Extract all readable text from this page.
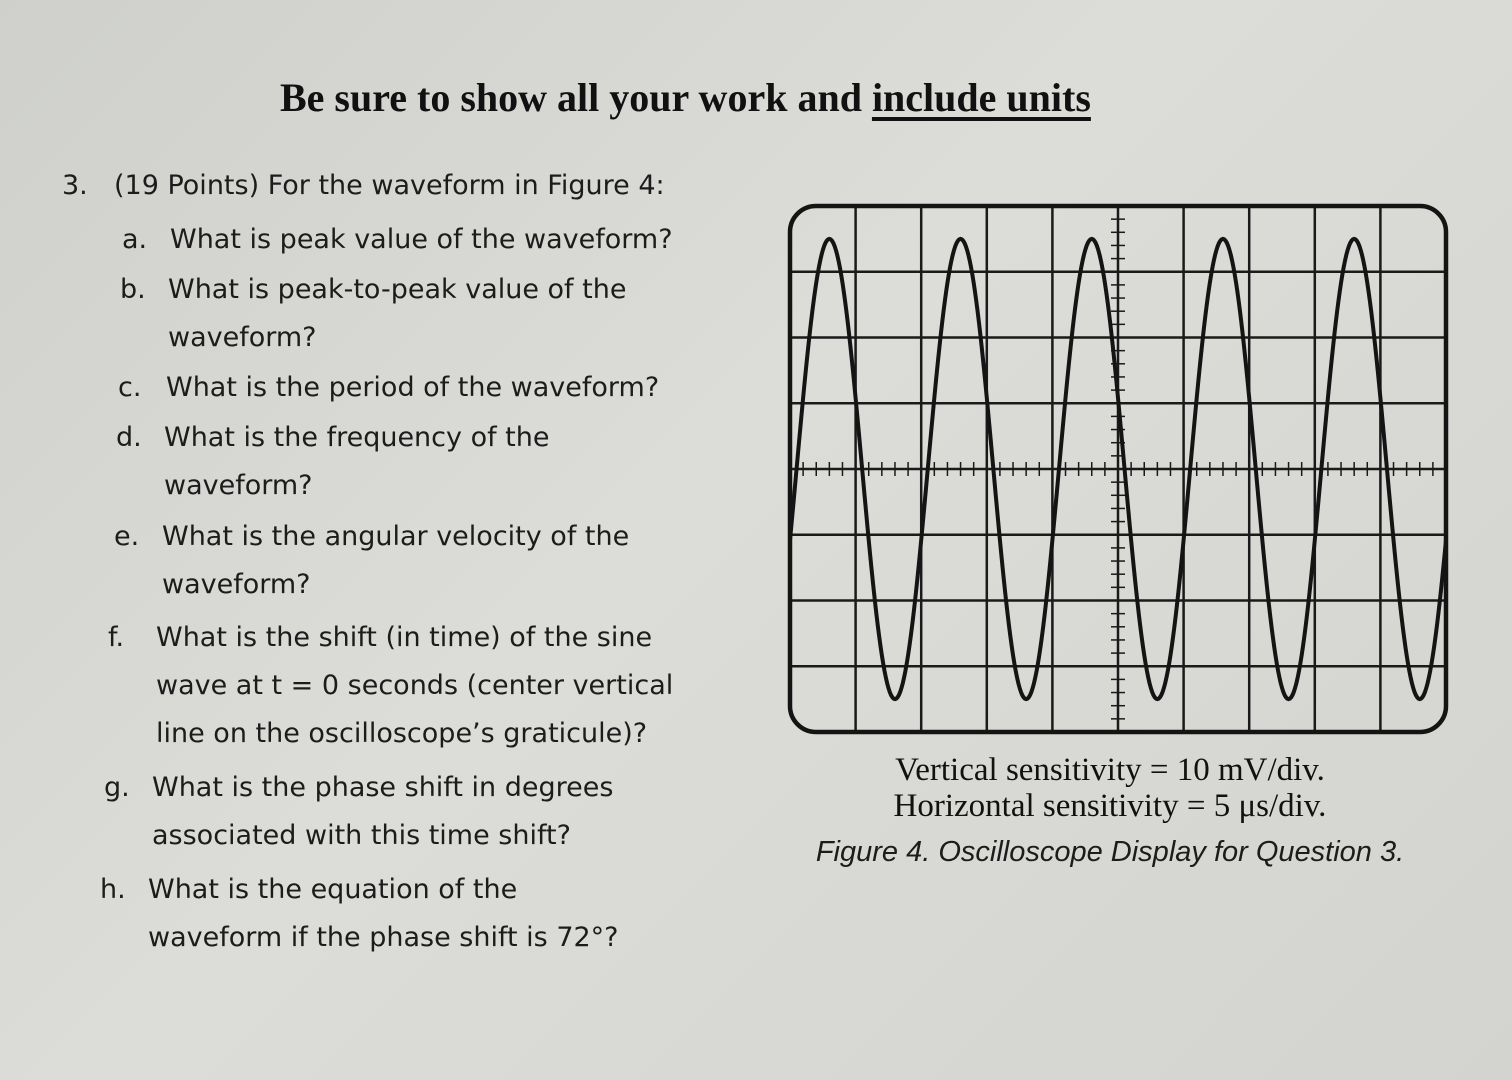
Be sure to show all your work and include units
3. (19 Points) For the waveform in Figure 4:
a. What is peak value of the waveform?
b. What is peak-to-peak value of the
waveform?
c. What is the period of the waveform?
d. What is the frequency of the
waveform?
e. What is the angular velocity of the
waveform?
f. What is the shift (in time) of the sine
wave at t = 0 seconds (center vertical
line on the oscilloscope’s graticule)?
g. What is the phase shift in degrees
associated with this time shift?
h. What is the equation of the
waveform if the phase shift is 72°?
Vertical sensitivity = 10 mV/div.
Horizontal sensitivity = 5 μs/div.
Figure 4. Oscilloscope Display for Question 3.
